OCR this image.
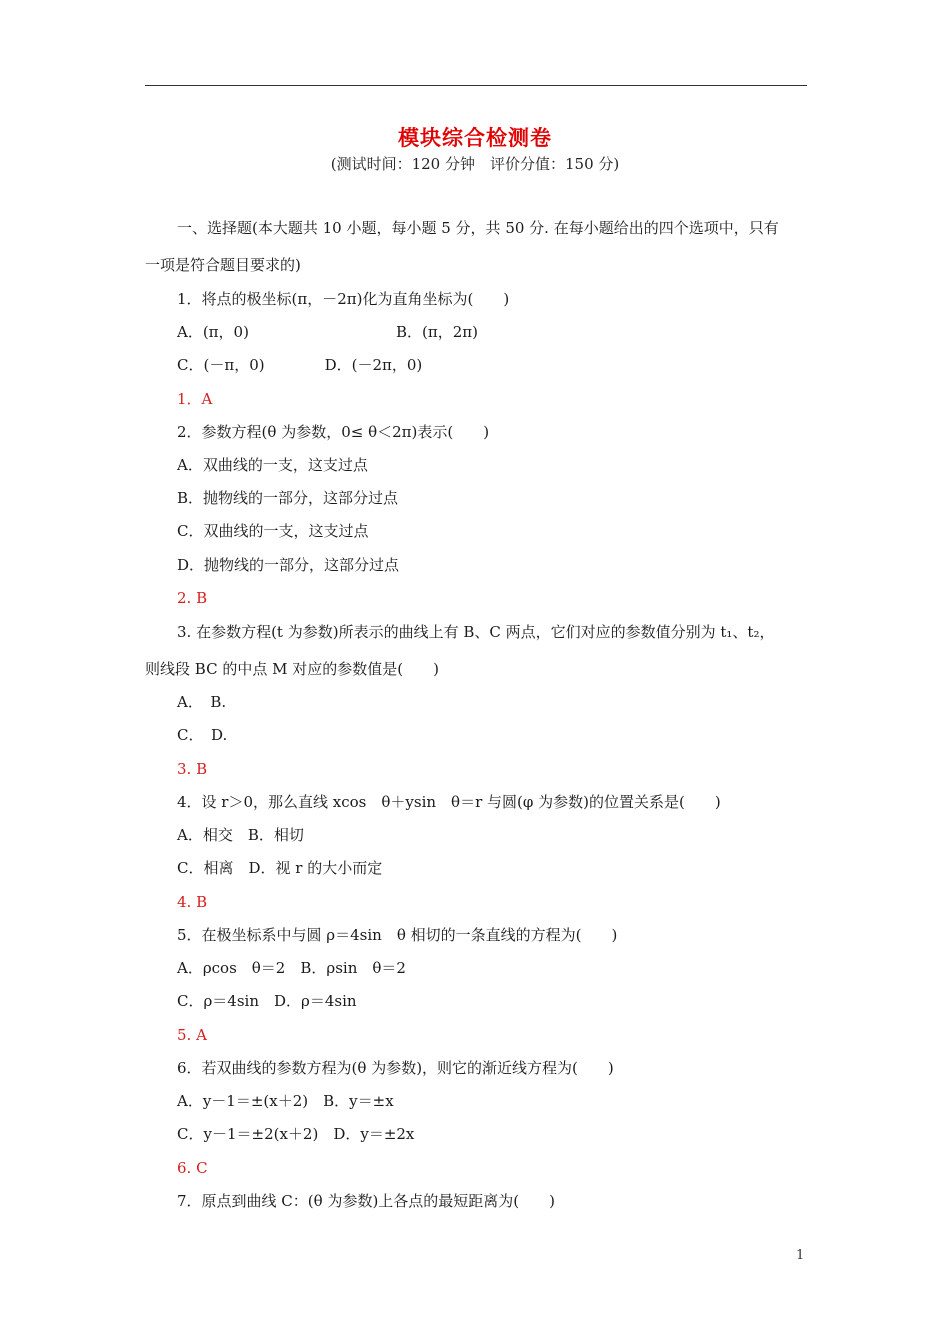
模块综合检测卷
(测试时间：120 分钟　评价分值：150 分)
一、选择题(本大题共 10 小题，每小题 5 分，共 50 分. 在每小题给出的四个选项中，只有
一项是符合题目要求的)
1．将点的极坐标(π，－2π)化为直角坐标为(　　)
A．(π，0)	B．(π，2π)
C．(－π，0)　　　　D．(－2π，0)
1．A
2．参数方程(θ 为参数，0≤ θ＜2π)表示(　　)
A．双曲线的一支，这支过点
B．抛物线的一部分，这部分过点
C．双曲线的一支，这支过点
D．抛物线的一部分，这部分过点
2. B
3. 在参数方程(t 为参数)所表示的曲线上有 B、C 两点，它们对应的参数值分别为 t₁、t₂，
则线段 BC 的中点 M 对应的参数值是(　　)
A．　B.
C．　D.
3. B
4．设 r＞0，那么直线 xcos　θ＋ysin　θ＝r 与圆(φ 为参数)的位置关系是(　　)
A．相交　B．相切
C．相离　D．视 r 的大小而定
4. B
5．在极坐标系中与圆 ρ＝4sin　θ 相切的一条直线的方程为(　　)
A．ρcos　θ＝2　B．ρsin　θ＝2
C．ρ＝4sin　D．ρ＝4sin
5. A
6．若双曲线的参数方程为(θ 为参数)，则它的渐近线方程为(　　)
A．y－1＝±(x＋2)　B．y＝±x
C．y－1＝±2(x＋2)　D．y＝±2x
6. C
7．原点到曲线 C：(θ 为参数)上各点的最短距离为(　　)
1
